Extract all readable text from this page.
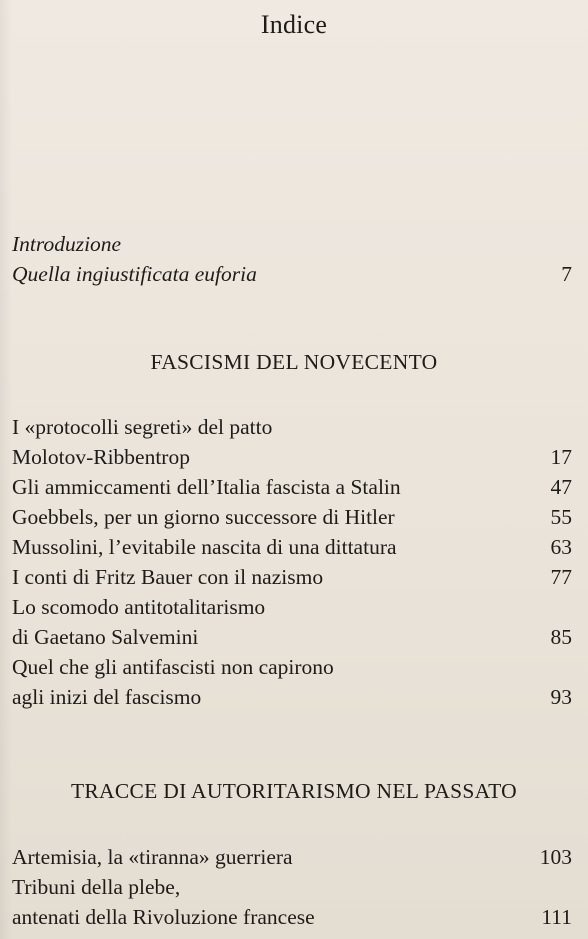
Indice
Introduzione
Quella ingiustificata euforia	7
FASCISMI DEL NOVECENTO
I «protocolli segreti» del patto
Molotov-Ribbentrop	17
Gli ammiccamenti dell’Italia fascista a Stalin	47
Goebbels, per un giorno successore di Hitler	55
Mussolini, l’evitabile nascita di una dittatura	63
I conti di Fritz Bauer con il nazismo	77
Lo scomodo antitotalitarismo
di Gaetano Salvemini	85
Quel che gli antifascisti non capirono
agli inizi del fascismo	93
TRACCE DI AUTORITARISMO NEL PASSATO
Artemisia, la «tiranna» guerriera	103
Tribuni della plebe,
antenati della Rivoluzione francese	111
